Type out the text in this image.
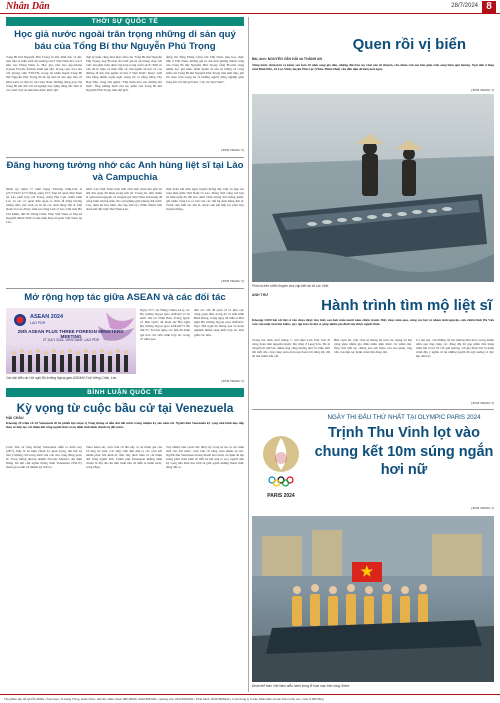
Nhân Dân	28/7/2024 8
THỜI SỰ QUỐC TẾ
Học giả nước ngoài trân trọng những di sản quý báu của Tổng Bí thư Nguyễn Phú Trọng
Tổng Bí thư Nguyễn Phú Trọng là nhà lãnh đạo vĩ đại, một nhà lý luận xuất sắc không chỉ ở Việt Nam mà còn ở khu vực Đông Nam Á. Học giả, nhà báo Agoritsme Gasten Florida Kribbs đánh giá vậy. Trong cuộc trao đổi với phóng viên TTXVN, trong đó nhấn mạnh Tổng Bí thư Nguyễn Phú Trọng đã để lại một di sản quý báu về phát triển và tiến bộ của Việt Nam. Những đóng góp của Tổng Bí thư đối với sự nghiệp xây dựng đảng đặc biệt là các nước này sẽ mãi mãi được khắc ghi.
mặt lý luận cũng như thực tiễn của Tổng Bí thư Nguyễn Phú Trọng, ông Florida cho biết giá trị của hàng chục bài viết, bài phát biểu được tập hợp trong cuốn sách "Một số vấn đề lý luận và thực tiễn về chủ nghĩa xã hội và con đường đi lên chủ nghĩa xã hội ở Việt Nam" thuộc xuất bản bằng nhiều ngôn ngữ, trong đó có bằng tiếng Tây Ban Nha, cùng chủ nghĩa "Việt Nam hòa vào đường đổi mới". Ông khẳng định cần tạo phần của Tổng Bí thư Nguyễn Phú Trọng trên thế giới.
đồng chí đồng Đảng Cộng sản Việt Nam, phụ họa, thực tiễn ở Việt Nam, những giá trị đổi mới những thành công của Tổng Bí thư Nguyễn Phú Trọng. Ông Florida cùng nhiều học giả khác nhấn mạnh di sản tư tưởng và cống hiến của Tổng Bí thư Nguyễn Phú Trọng trên mặt trận, gửi lời chào trân trọng kể cả những người đồng nghiệp giàu lòng đất với thế giới hào "cây tre Việt Nam".
(XEM TRANG 5)
Đăng hương tưởng nhớ các Anh hùng liệt sĩ tại Lào và Campuchia
Nhân kỷ niệm 77 năm Ngày Thương binh-Liệt sĩ (27/7/1947-27/7/2024), sáng 27/7, Đại sứ quán Việt Nam tại Lào phối hợp với Trung ương Hội Cựu chiến binh Lào và các cơ quan liên quan tổ chức lễ dâng hương tưởng nhớ, tôn vinh và tri ân các Anh hùng liệt sĩ Việt Nam và Lào đã hy sinh tại Lăng Liệt sĩ Lào Chủ tịch Hồ Chí Minh, thủ đô Viêng Chăn. Phía Việt Nam có Đại sứ Nguyễn Minh Tâm và đại diện Đại sứ quán Việt Nam tại Lào.
nước Lào-Việt Nam luôn thắt chặt tình đoàn kết gắn bó đời đời, giúp đỡ nhau trong lịch sử. Trong đó, tấm chiến sĩ quân tình nguyện và chuyên gia Việt Nam anh hùng đã cống hiến xương máu cho sự nghiệp giải phóng đất nước Lào, đem lại hòa bình, độc lập dân tộc, thắm đượm tình đoàn kết đặc biệt Việt Nam-Lào.
thời đoàn kết hữu nghị truyền thống đặc biệt và hợp tác toàn diện giữa Việt Nam và Lào. Đồng thời cùng với bạn bè hữu nghị đã đặt hoa dưới chân tượng đài tưởng niệm, ghi nhận công lao to lớn của các thế hệ Anh hùng liệt sĩ. Trước anh linh các liệt sĩ, đoàn cam kết tiếp tục phát huy truyền thống.
(XEM TRANG 5)
Mở rộng hợp tác giữa ASEAN và các đối tác
ASEAN 2024
LAO PDR
25th ASEAN PLUS THREE FOREIGN MINISTERS' MEETING
27 JULY 2024, VIENTIANE, LAO PDR
Các đại biểu dự Hội nghị Bộ trưởng Ngoại giao ASEAN+3 tại Viêng Chăn, Lào.
Ngày 27/7, tại Viêng Chăn (Lào), các Bộ trưởng Ngoại giao ASEAN và ba nước đối tác Nhật Bản, Trung Quốc và Hàn Quốc đã tham dự Hội nghị Bộ trưởng Ngoại giao ASEAN+3 lần thứ 25. Tại hội nghị, các bên đã đánh giá tích cực tiến trình hợp tác trong 27 năm qua.
đến các vấn đề quốc tế và khu vực cùng quan tâm, trong đó có tình hình Biển Đông. Cùng ngày đã diễn ra Hội nghị Bộ trưởng Ngoại giao ASEAN-Nga. Hội nghị đã thông qua và hoan nghênh nhiều sáng kiến hợp tác mới giữa các bên.
(XEM TRANG 5)
BÌNH LUẬN QUỐC TẾ
Kỳ vọng từ cuộc bầu cử tại Venezuela
HẢI CHÂU
Khoảng 20 triệu cử tri Venezuela đi bỏ phiếu lựa chọn vị Tổng thống sẽ dẫn dắt đất nước trong nhiệm kỳ sáu năm tới. Người dân Venezuela kỳ vọng nhà lãnh đạo tiếp theo sẽ tiếp tục cải thiện đời sống người dân và ổn định tình hình chính trị đất nước.
Cuộc bầu cử tổng thống Venezuela diễn ra hôm nay (28/7). Đây là sự kiện chính trị quan trọng, thu hút sự chú ý không chỉ trong nước mà còn của cộng đồng quốc tế. Tổng thống đương nhiệm Nicolas Maduro đại diện Đảng Xã hội chủ nghĩa thống nhất Venezuela (PSUV) tham gia tranh cử nhiệm kỳ thứ ba.
Theo khảo sát, cuộc bầu cử lần này có sự tham gia của 10 ứng cử viên. Các ứng viên đều đưa ra các cam kết nhằm phục hồi kinh tế, thúc đẩy phát triển và cải thiện đời sống người dân. Chính phủ Venezuela khẳng định chuẩn bị đầy đủ cho tiến trình bầu cử diễn ra minh bạch, công bằng.
Tuy nhiên, bên cạnh việc được kỳ vọng sẽ tạo ra cục diện mới cho đất nước, cuộc bầu cử cũng chịu nhiều áp lực. Người dân Venezuela mong muốn hòa bình, ổn định để tập trung phát triển kinh tế. Bất kể kết quả ra sao, người dân kỳ vọng nhà lãnh đạo mới sẽ giải quyết những thách thức đang đặt ra.
Quen rồi vị biển
Bài, ảnh: NGUYỄN VĂN HẢI và THÀNH AN
Từng bước chân bơn ra khơi, sau hơn 10 năm sóng gió dấu, những đôi bàn tay chai sần từ thuyền, cho thêm vân mà làm giàu trên sóng biển quê hương. Ngư dân ở làng chài Bình Đức, xã Lộc Vĩnh, huyện Phú Lộc (Thừa Thiên Huế) vẫn đều đặn đi biển mỗi ngày.
(XEM TRANG 5)
Phơi cá trên chiếc thuyền vừa cập bến tại xã Lộc Vĩnh.
ANH THƯ
Hành trình tìm mộ liệt sĩ
Khoảng 3.000 hài cốt liệt sĩ vẫn chưa được tìm thấy sau hơn năm mươi năm chiến tranh. Mấy chục năm qua, cùng các hội và nhóm tình nguyện, cựu chiến binh Hà Văn Sơn vẫn miệt mài tìm kiếm, quy tập hài cốt liệt sĩ, giúp nhiều gia đình tìm được người thân.
Trong hai tuần cuối tháng 7, trời mưa Lăn Văn Sơn đi cùng đoàn tình nguyện ngược lên rừng ở Lạng Sơn. Đó là chuyến đi thứ bao nhiêu ông cũng không nhớ rõ. Đến mỗi đồi mỗi dốc, ông cùng anh em trong đoàn bới từng lớp đất để tìm kiếm dấu vết.
Bên cạnh đó, việc chia sẻ thông tin trên các mạng xã hội cũng giúp nhiều gia đình nhận diện được các phần mộ. Ông Sơn tâm sự, chừng nào sức khỏe còn cho phép, ông vẫn còn tiếp tục hành trình tìm đồng đội.
Có thể nói, với những nỗ lực không mệt mỏi, trong nhiều năm qua ông cùng các đồng đội đã góp phần đưa hàng trăm liệt sĩ trở về với quê hương, với gia đình. Đó là hành trình đầy ý nghĩa tri ân những người đã ngã xuống vì độc lập dân tộc.
(XEM TRANG 5)
PARIS 2024
NGÀY THI ĐẤU THỨ NHẤT TẠI OLYMPIC PARIS 2024
Trịnh Thu Vinh lọt vào chung kết 10m súng ngắn hơi nữ
(XEM TRANG 5)
Đoàn thể thao Việt Nam diễu hành trong lễ khai mạc trên sông Seine.
Tổng Biên tập LÊ QUỐC MINH • Tòa soạn: 71 Hàng Trống, Hoàn Kiếm, Hà Nội • Điện thoại: 080.48049, 0243.8254231 • Quảng cáo: 0243.8253321 • Phát hành: 0243.8269342 • In tại Công ty In báo Nhân Dân và các nhà in khu vực • Giá: 5.000 đồng
